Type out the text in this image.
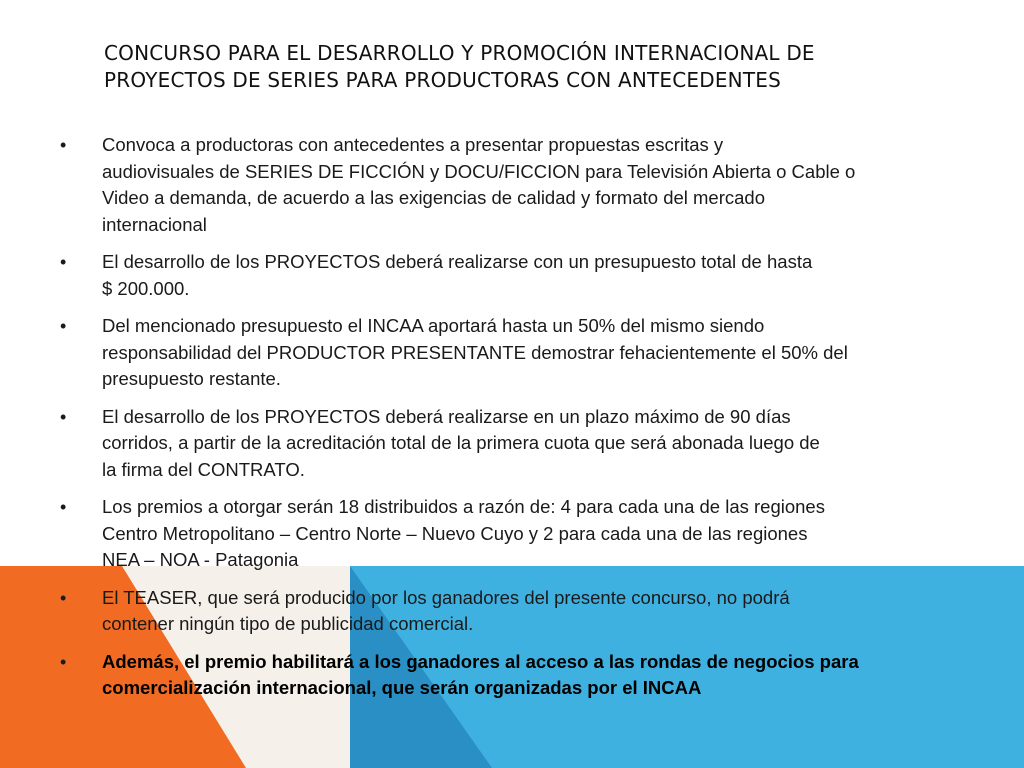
CONCURSO PARA EL DESARROLLO Y PROMOCIÓN INTERNACIONAL DE
PROYECTOS DE SERIES PARA PRODUCTORAS CON ANTECEDENTES
•	Convoca a productoras con antecedentes a presentar propuestas escritas y
audiovisuales de SERIES DE FICCIÓN y DOCU/FICCION para Televisión Abierta o Cable o
Video a demanda, de acuerdo a las exigencias de calidad y formato del mercado
internacional
•	El desarrollo de los PROYECTOS deberá realizarse con un presupuesto total de hasta
$ 200.000.
•	Del mencionado presupuesto el INCAA aportará hasta un 50% del mismo siendo
responsabilidad del PRODUCTOR PRESENTANTE demostrar fehacientemente el 50% del
presupuesto restante.
•	El desarrollo de los PROYECTOS deberá realizarse en un plazo máximo de 90 días
corridos, a partir de la acreditación total de la primera cuota que será abonada luego de
la firma del CONTRATO.
•	Los premios a otorgar serán 18 distribuidos a razón de: 4 para cada una de las regiones
Centro Metropolitano – Centro Norte – Nuevo Cuyo y 2 para cada una de las regiones
NEA – NOA - Patagonia
•	El TEASER, que será producido por los ganadores del presente concurso, no podrá
contener ningún tipo de publicidad comercial.
•	Además, el premio habilitará a los ganadores al acceso a las rondas de negocios para
comercialización internacional, que serán organizadas por el INCAA
